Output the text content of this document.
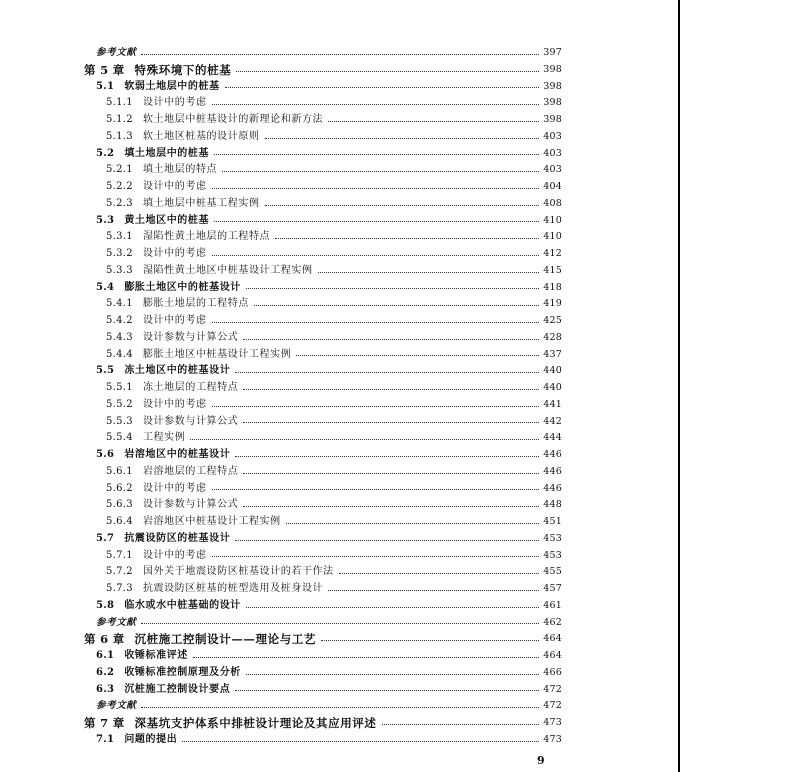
参考文献	397
第 5 章 特殊环境下的桩基	398
5.1 软弱土地层中的桩基	398
5.1.1 设计中的考虑	398
5.1.2 软土地层中桩基设计的新理论和新方法	398
5.1.3 软土地区桩基的设计原则	403
5.2 填土地层中的桩基	403
5.2.1 填土地层的特点	403
5.2.2 设计中的考虑	404
5.2.3 填土地层中桩基工程实例	408
5.3 黄土地区中的桩基	410
5.3.1 湿陷性黄土地层的工程特点	410
5.3.2 设计中的考虑	412
5.3.3 湿陷性黄土地区中桩基设计工程实例	415
5.4 膨胀土地区中的桩基设计	418
5.4.1 膨胀土地层的工程特点	419
5.4.2 设计中的考虑	425
5.4.3 设计参数与计算公式	428
5.4.4 膨胀土地区中桩基设计工程实例	437
5.5 冻土地区中的桩基设计	440
5.5.1 冻土地层的工程特点	440
5.5.2 设计中的考虑	441
5.5.3 设计参数与计算公式	442
5.5.4 工程实例	444
5.6 岩溶地区中的桩基设计	446
5.6.1 岩溶地层的工程特点	446
5.6.2 设计中的考虑	446
5.6.3 设计参数与计算公式	448
5.6.4 岩溶地区中桩基设计工程实例	451
5.7 抗震设防区的桩基设计	453
5.7.1 设计中的考虑	453
5.7.2 国外关于地震设防区桩基设计的若干作法	455
5.7.3 抗震设防区桩基的桩型选用及桩身设计	457
5.8 临水或水中桩基础的设计	461
参考文献	462
第 6 章 沉桩施工控制设计——理论与工艺	464
6.1 收锤标准评述	464
6.2 收锤标准控制原理及分析	466
6.3 沉桩施工控制设计要点	472
参考文献	472
第 7 章 深基坑支护体系中排桩设计理论及其应用评述	473
7.1 问题的提出	473
9
